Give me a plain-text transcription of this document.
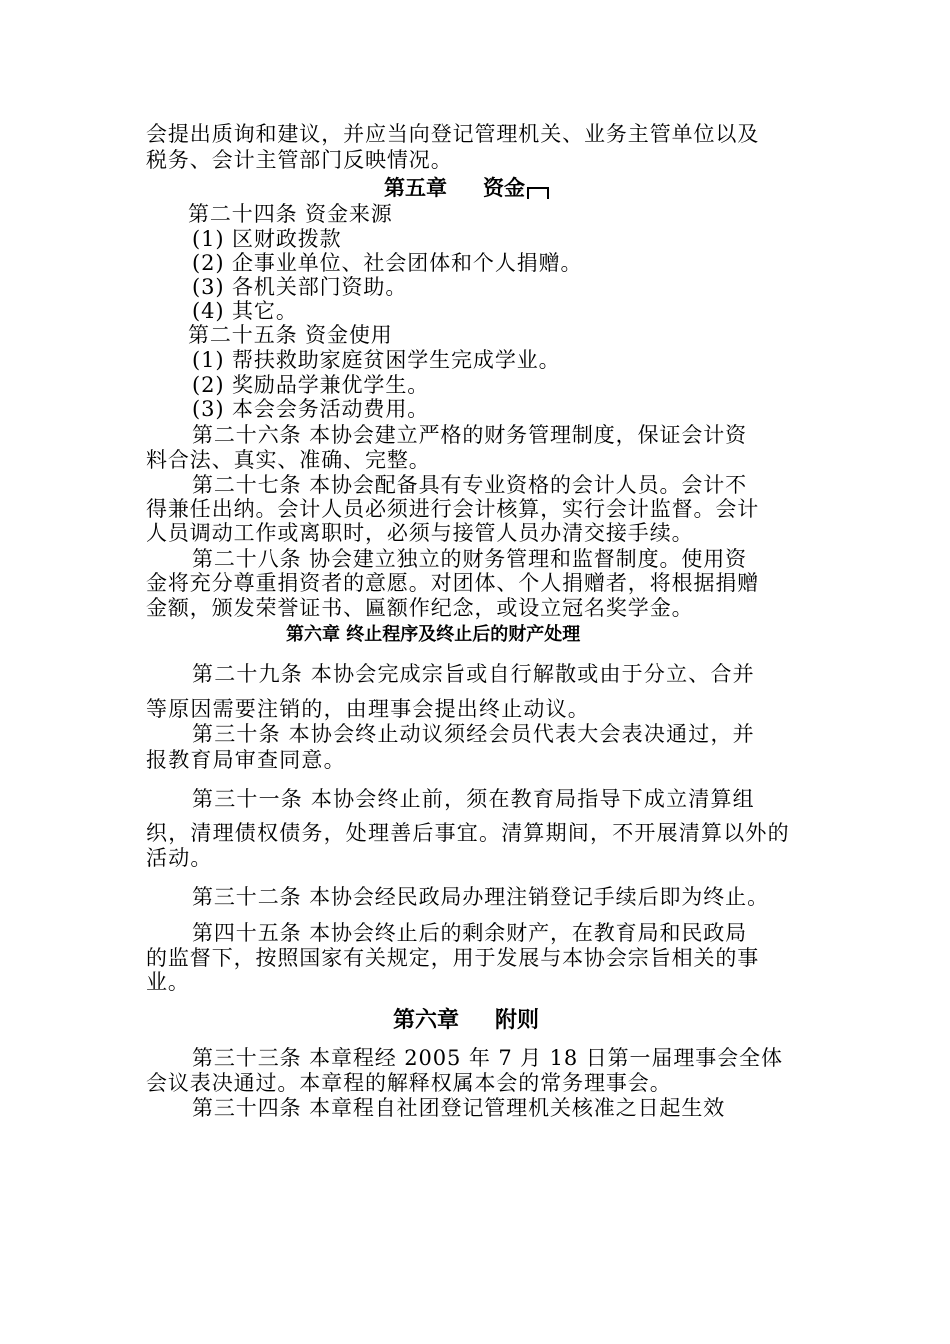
会提出质询和建议，并应当向登记管理机关、业务主管单位以及

税务、会计主管部门反映情况。

第五章 资金

第二十四条 资金来源

(1) 区财政拨款

(2) 企事业单位、社会团体和个人捐赠。

(3) 各机关部门资助。

(4) 其它。

第二十五条 资金使用

(1) 帮扶救助家庭贫困学生完成学业。

(2) 奖励品学兼优学生。

(3) 本会会务活动费用。

第二十六条 本协会建立严格的财务管理制度，保证会计资

料合法、真实、准确、完整。

第二十七条 本协会配备具有专业资格的会计人员。会计不

得兼任出纳。会计人员必须进行会计核算，实行会计监督。会计

人员调动工作或离职时，必须与接管人员办清交接手续。

第二十八条 协会建立独立的财务管理和监督制度。使用资

金将充分尊重捐资者的意愿。对团体、个人捐赠者，将根据捐赠

金额，颁发荣誉证书、匾额作纪念，或设立冠名奖学金。

第六章 终止程序及终止后的财产处理

第二十九条 本协会完成宗旨或自行解散或由于分立、合并

等原因需要注销的，由理事会提出终止动议。

第三十条 本协会终止动议须经会员代表大会表决通过，并

报教育局审查同意。

第三十一条 本协会终止前，须在教育局指导下成立清算组

织，清理债权债务，处理善后事宜。清算期间，不开展清算以外的

活动。

第三十二条 本协会经民政局办理注销登记手续后即为终止。

第四十五条 本协会终止后的剩余财产，在教育局和民政局

的监督下，按照国家有关规定，用于发展与本协会宗旨相关的事

业。

第六章 附则

第三十三条 本章程经 2005 年 7 月 18 日第一届理事会全体

会议表决通过。本章程的解释权属本会的常务理事会。

第三十四条 本章程自社团登记管理机关核准之日起生效
